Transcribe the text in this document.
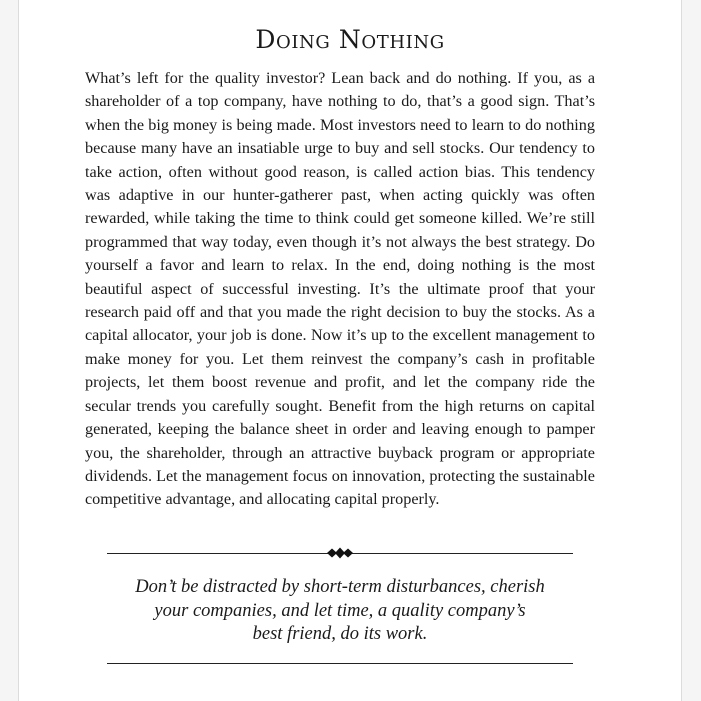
Doing Nothing

What’s left for the quality investor? Lean back and do nothing. If you, as a shareholder of a top company, have nothing to do, that’s a good sign. That’s when the big money is being made. Most investors need to learn to do nothing because many have an insatiable urge to buy and sell stocks. Our tendency to take action, often without good reason, is called action bias. This tendency was adaptive in our hunter-gatherer past, when acting quickly was often rewarded, while taking the time to think could get someone killed. We’re still programmed that way today, even though it’s not always the best strategy. Do yourself a favor and learn to relax. In the end, doing nothing is the most beautiful aspect of successful investing. It’s the ultimate proof that your research paid off and that you made the right decision to buy the stocks. As a capital allocator, your job is done. Now it’s up to the excellent management to make money for you. Let them reinvest the company’s cash in profitable projects, let them boost revenue and profit, and let the company ride the secular trends you carefully sought. Benefit from the high returns on capital generated, keeping the balance sheet in order and leaving enough to pamper you, the shareholder, through an attractive buyback program or appropriate dividends. Let the management focus on innovation, protecting the sustainable competitive advantage, and allocating capital properly.

Don’t be distracted by short-term disturbances, cherish
your companies, and let time, a quality company’s
best friend, do its work.
